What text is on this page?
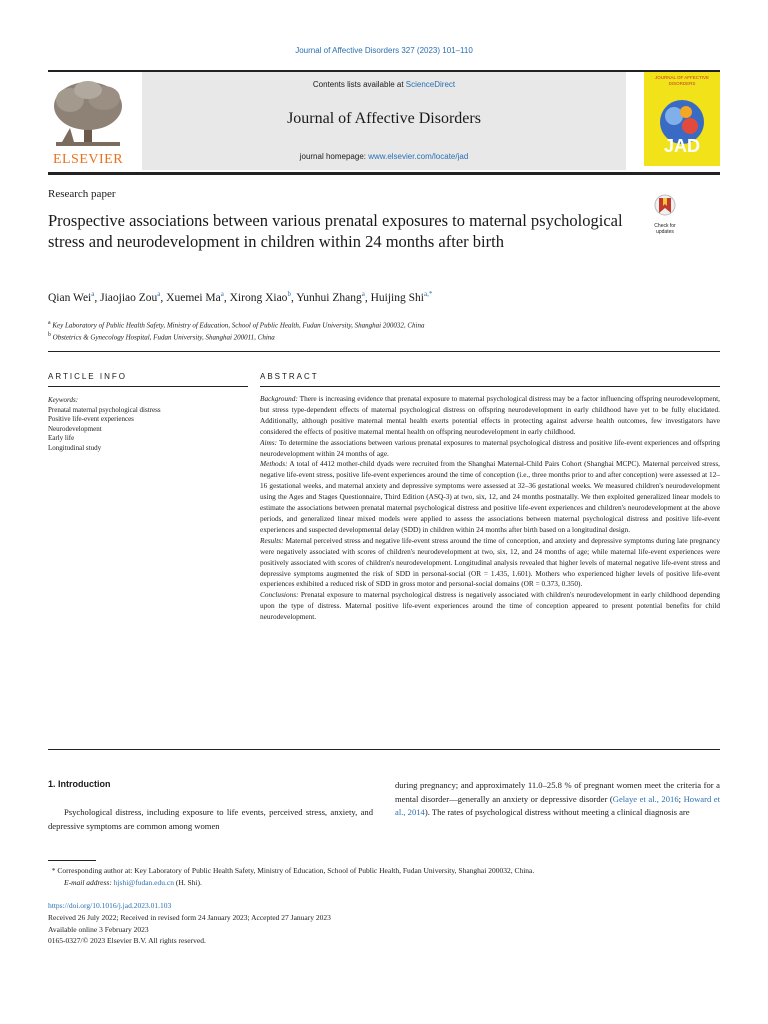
Journal of Affective Disorders 327 (2023) 101–110
ELSEVIER
Contents lists available at ScienceDirect
Journal of Affective Disorders
journal homepage: www.elsevier.com/locate/jad
JOURNAL OF AFFECTIVE DISORDERS
JAD
Research paper
Prospective associations between various prenatal exposures to maternal psychological stress and neurodevelopment in children within 24 months after birth
Check for updates
Qian Wei$^a$, Jiaojiao Zou$^a$, Xuemei Ma$^a$, Xirong Xiao$^b$, Yunhui Zhang$^a$, Huijing Shi$^{a,*}$
$^a$ Key Laboratory of Public Health Safety, Ministry of Education, School of Public Health, Fudan University, Shanghai 200032, China
$^b$ Obstetrics & Gynecology Hospital, Fudan University, Shanghai 200011, China
ARTICLE INFO	ABSTRACT
Keywords:
Prenatal maternal psychological distress
Positive life-event experiences
Neurodevelopment
Early life
Longitudinal study

Background: There is increasing evidence that prenatal exposure to maternal psychological distress may be a factor influencing offspring neurodevelopment, but stress type-dependent effects of maternal psychological distress on offspring neurodevelopment in early childhood have yet to be fully elucidated. Additionally, although positive maternal mental health exerts potential effects in protecting against adverse health outcomes, few investigators have considered the effects of positive maternal mental health on offspring neurodevelopment in early childhood.

Aims: To determine the associations between various prenatal exposures to maternal psychological distress and positive life-event experiences and offspring neurodevelopment within 24 months of age.

Methods: A total of 4412 mother-child dyads were recruited from the Shanghai Maternal-Child Pairs Cohort (Shanghai MCPC). Maternal perceived stress, negative life-event stress, positive life-event experiences around the time of conception (i.e., three months prior to and after conception) were assessed at 12–16 gestational weeks, and maternal anxiety and depressive symptoms were assessed at 32–36 gestational weeks. We measured children's neurodevelopment using the Ages and Stages Questionnaire, Third Edition (ASQ-3) at two, six, 12, and 24 months postnatally. We then exploited generalized linear models to estimate the associations between prenatal maternal psychological distress and positive life-event experiences and children's neurodevelopment at the above periods, and generalized linear mixed models were applied to assess the associations between maternal psychological distress and positive life-event experiences and suspected developmental delay (SDD) in children within 24 months after birth based on a longitudinal design.

Results: Maternal perceived stress and negative life-event stress around the time of conception, and anxiety and depressive symptoms during late pregnancy were negatively associated with scores of children's neurodevelopment at two, six, 12, and 24 months of age; while maternal life-event experiences were positively associated with scores of children's neurodevelopment. Longitudinal analysis revealed that higher levels of maternal negative life-event stress and depressive symptoms augmented the risk of SDD in personal-social (OR = 1.435, 1.601). Mothers who experienced higher levels of positive life-event experiences exhibited a reduced risk of SDD in gross motor and personal-social domains (OR = 0.373, 0.350).

Conclusions: Prenatal exposure to maternal psychological distress is negatively associated with children's neurodevelopment in early childhood depending upon the type of distress. Maternal positive life-event experiences around the time of conception appeared to present potential benefits for child neurodevelopment.

1. Introduction
Psychological distress, including exposure to life events, perceived stress, anxiety, and depressive symptoms are common among women
during pregnancy; and approximately 11.0–25.8 % of pregnant women meet the criteria for a mental disorder—generally an anxiety or depressive disorder (Gelaye et al., 2016; Howard et al., 2014). The rates of psychological distress without meeting a clinical diagnosis are
* Corresponding author at: Key Laboratory of Public Health Safety, Ministry of Education, School of Public Health, Fudan University, Shanghai 200032, China.
E-mail address: hjshi@fudan.edu.cn (H. Shi).
https://doi.org/10.1016/j.jad.2023.01.103
Received 26 July 2022; Received in revised form 24 January 2023; Accepted 27 January 2023
Available online 3 February 2023
0165-0327/© 2023 Elsevier B.V. All rights reserved.
